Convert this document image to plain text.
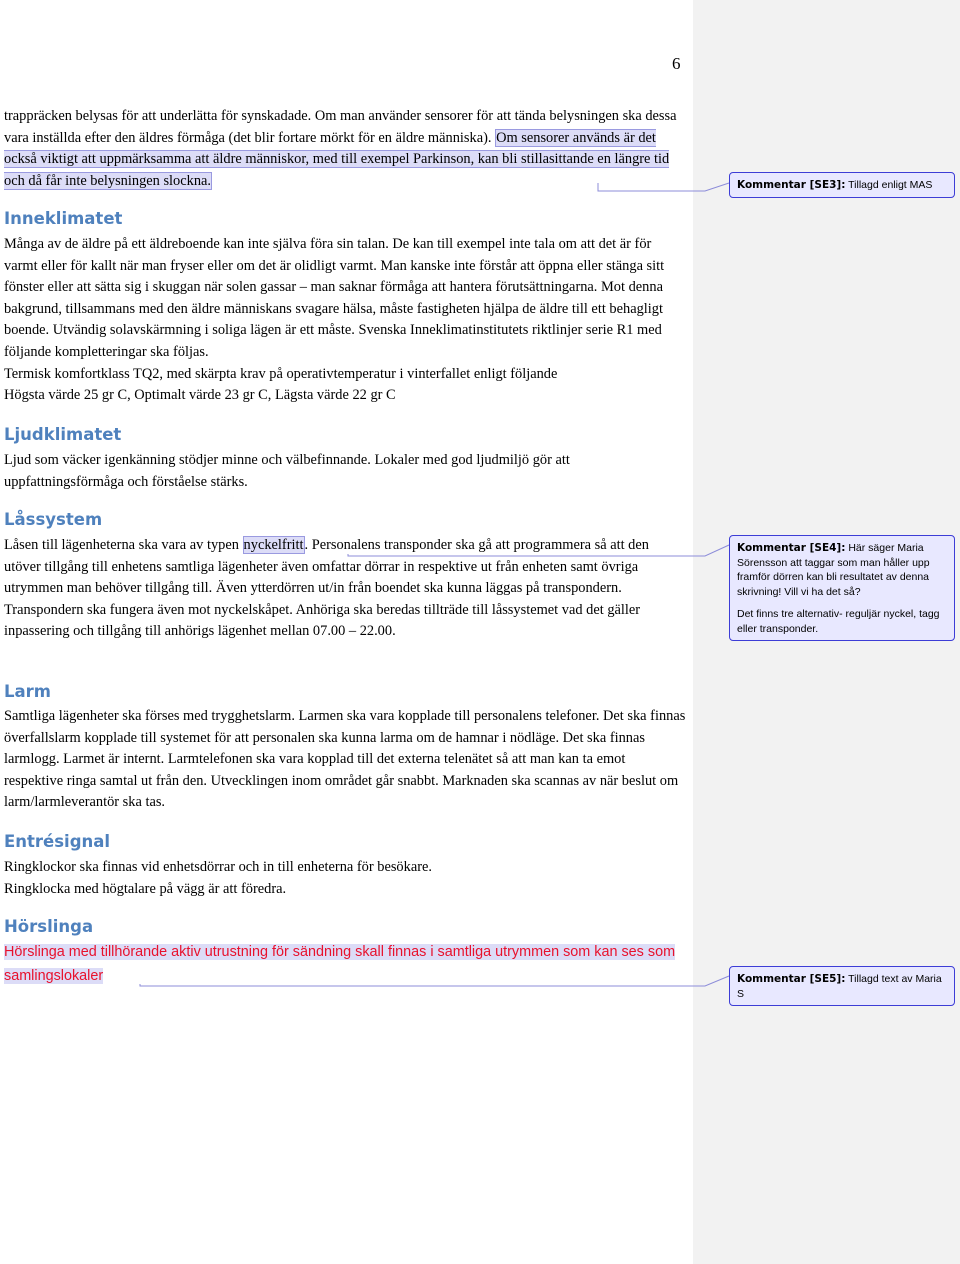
6
trappräcken belysas för att underlätta för synskadade. Om man använder sensorer för att tända belysningen ska dessa vara inställda efter den äldres förmåga (det blir fortare mörkt för en äldre människa). Om sensorer används är det också viktigt att uppmärksamma att äldre människor, med till exempel Parkinson, kan bli stillasittande en längre tid och då får inte belysningen slockna.
Inneklimatet
Många av de äldre på ett äldreboende kan inte själva föra sin talan. De kan till exempel inte tala om att det är för varmt eller för kallt när man fryser eller om det är olidligt varmt. Man kanske inte förstår att öppna eller stänga sitt fönster eller att sätta sig i skuggan när solen gassar – man saknar förmåga att hantera förutsättningarna. Mot denna bakgrund, tillsammans med den äldre människans svagare hälsa, måste fastigheten hjälpa de äldre till ett behagligt boende. Utvändig solavskärmning i soliga lägen är ett måste. Svenska Inneklimatinstitutets riktlinjer serie R1 med följande kompletteringar ska följas.
Termisk komfortklass TQ2, med skärpta krav på operativtemperatur i vinterfallet enligt följande
Högsta värde 25 gr C, Optimalt värde 23 gr C, Lägsta värde 22 gr C
Ljudklimatet
Ljud som väcker igenkänning stödjer minne och välbefinnande. Lokaler med god ljudmiljö gör att uppfattningsförmåga och förståelse stärks.
Låssystem
Låsen till lägenheterna ska vara av typen nyckelfritt. Personalens transponder ska gå att programmera så att den utöver tillgång till enhetens samtliga lägenheter även omfattar dörrar in respektive ut från enheten samt övriga utrymmen man behöver tillgång till. Även ytterdörren ut/in från boendet ska kunna läggas på transpondern. Transpondern ska fungera även mot nyckelskåpet. Anhöriga ska beredas tillträde till låssystemet vad det gäller inpassering och tillgång till anhörigs lägenhet mellan 07.00 – 22.00.
Larm
Samtliga lägenheter ska förses med trygghetslarm. Larmen ska vara kopplade till personalens telefoner. Det ska finnas överfallslarm kopplade till systemet för att personalen ska kunna larma om de hamnar i nödläge. Det ska finnas larmlogg. Larmet är internt. Larmtelefonen ska vara kopplad till det externa telenätet så att man kan ta emot respektive ringa samtal ut från den. Utvecklingen inom området går snabbt. Marknaden ska scannas av när beslut om larm/larmleverantör ska tas.
Entrésignal
Ringklockor ska finnas vid enhetsdörrar och in till enheterna för besökare.
Ringklocka med högtalare på vägg är att föredra.
Hörslinga
Hörslinga med tillhörande aktiv utrustning för sändning skall finnas i samtliga utrymmen som kan ses som samlingslokaler

Kommentar [SE3]: Tillagd enligt MAS

Kommentar [SE4]: Här säger Maria Sörensson att taggar som man håller upp framför dörren kan bli resultatet av denna skrivning! Vill vi ha det så?

Det finns tre alternativ- reguljär nyckel, tagg eller transponder.

Kommentar [SE5]: Tillagd text av Maria S
